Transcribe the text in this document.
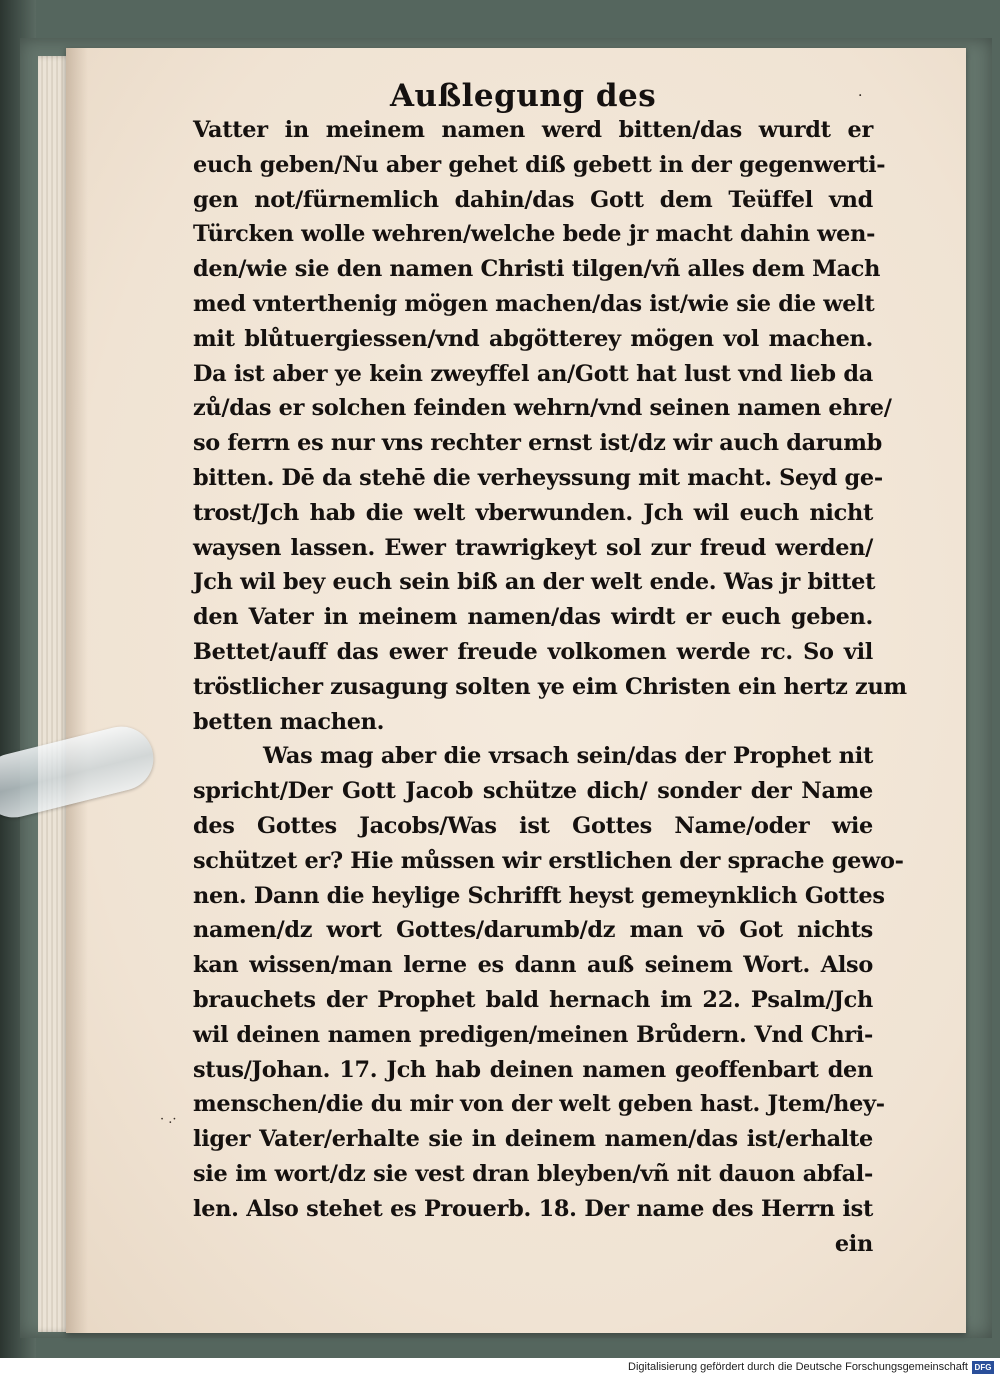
Außlegung des	·
Vatter in meinem namen werd bitten/das wurdt er
euch geben/Nu aber gehet diß gebett in der gegenwerti-
gen not/fürnemlich dahin/das Gott dem Teüffel vnd
Türcken wolle wehren/welche bede jr macht dahin wen-
den/wie sie den namen Christi tilgen/vñ alles dem Mach
med vnterthenig mögen machen/das ist/wie sie die welt
mit blůtuergiessen/vnd abgötterey mögen vol machen.
Da ist aber ye kein zweyffel an/Gott hat lust vnd lieb da
zů/das er solchen feinden wehrn/vnd seinen namen ehre/
so ferrn es nur vns rechter ernst ist/dz wir auch darumb
bitten. Dē da stehē die verheyssung mit macht. Seyd ge-
trost/Jch hab die welt vberwunden. Jch wil euch nicht
waysen lassen. Ewer trawrigkeyt sol zur freud werden/
Jch wil bey euch sein biß an der welt ende. Was jr bittet
den Vater in meinem namen/das wirdt er euch geben.
Bettet/auff das ewer freude volkomen werde rc. So vil
tröstlicher zusagung solten ye eim Christen ein hertz zum
betten machen.
Was mag aber die vrsach sein/das der Prophet nit
spricht/Der Gott Jacob schütze dich/ sonder der Name
des Gottes Jacobs/Was ist Gottes Name/oder wie
schützet er? Hie můssen wir erstlichen der sprache gewo-
nen. Dann die heylige Schrifft heyst gemeynklich Gottes
namen/dz wort Gottes/darumb/dz man vō Got nichts
kan wissen/man lerne es dann auß seinem Wort. Also
brauchets der Prophet bald hernach im 22. Psalm/Jch
wil deinen namen predigen/meinen Brůdern. Vnd Chri-
stus/Johan. 17. Jch hab deinen namen geoffenbart den
menschen/die du mir von der welt geben hast. Jtem/hey-
liger Vater/erhalte sie in deinem namen/das ist/erhalte
sie im wort/dz sie vest dran bleyben/vñ nit dauon abfal-
len. Also stehet es Prouerb. 18. Der name des Herrn ist
ein
· .·
Digitalisierung gefördert durch die Deutsche Forschungsgemeinschaft DFG
